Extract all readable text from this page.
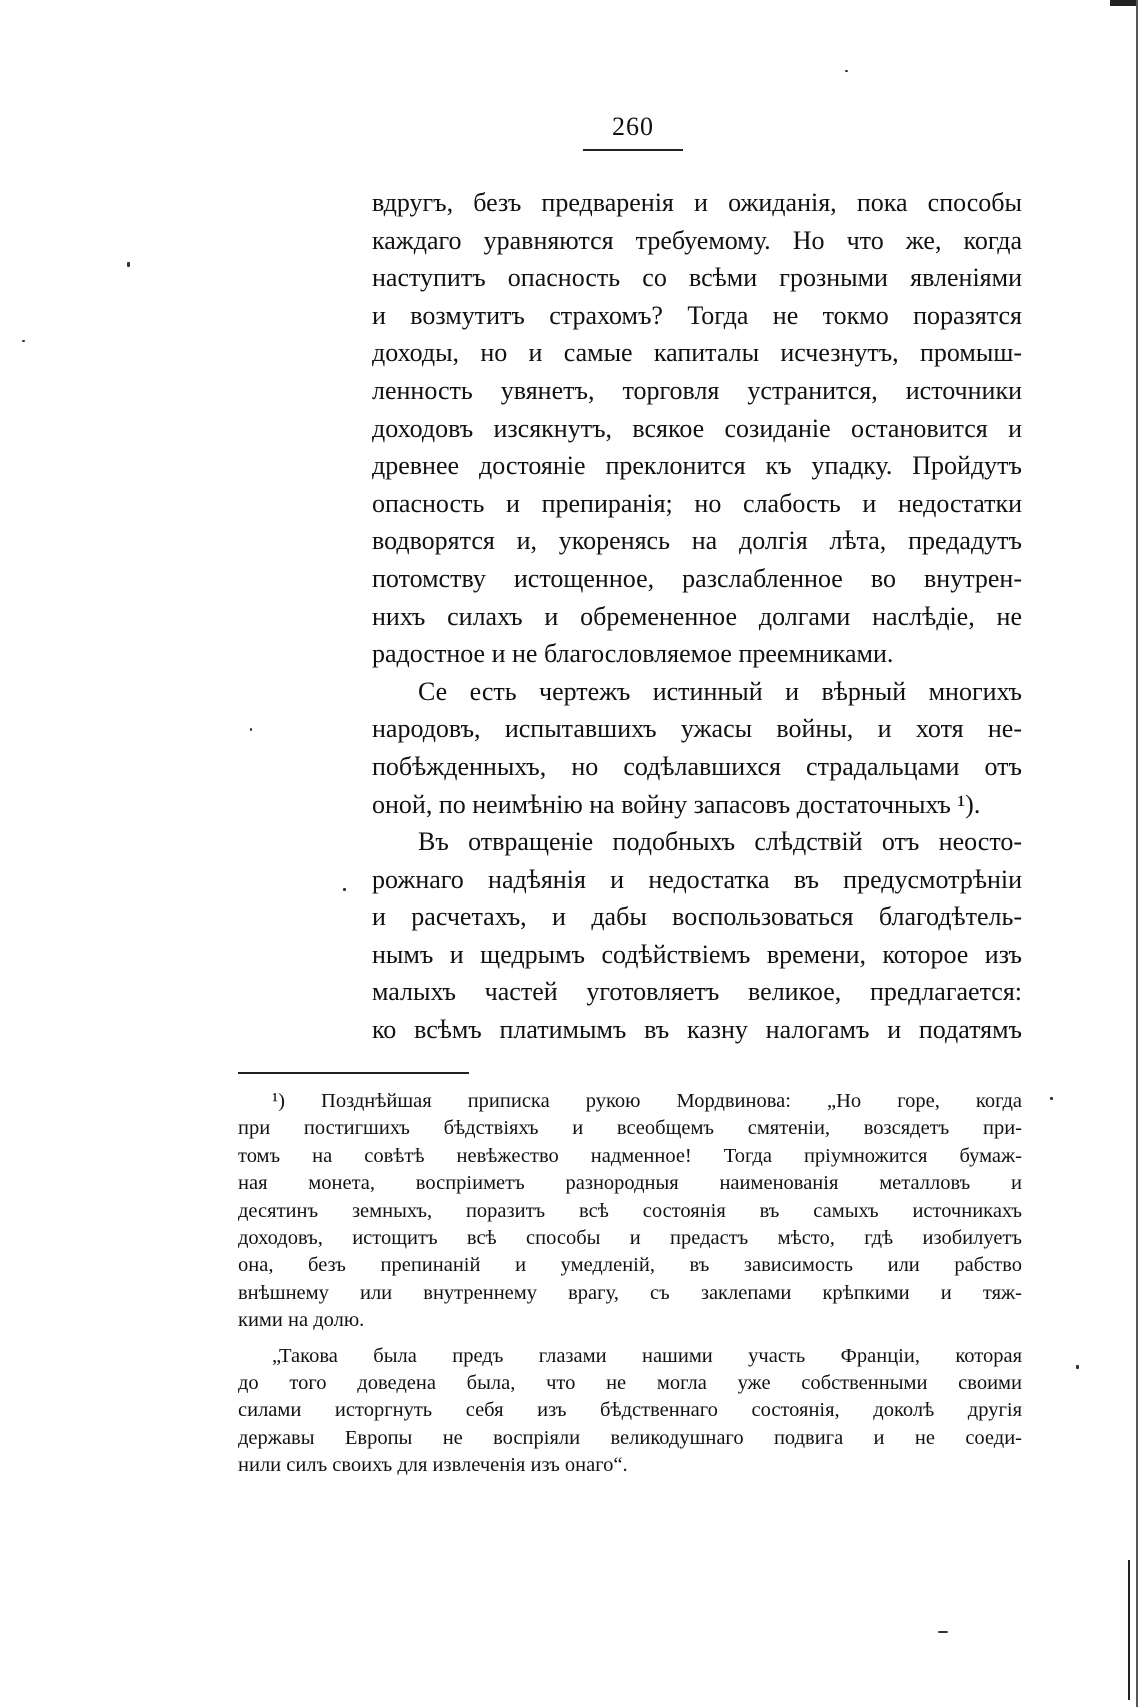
260
вдругъ, безъ предваренія и ожиданія, пока способы
каждаго уравняются требуемому. Но что же, когда
наступитъ опасность со всѣми грозными явленіями
и возмутитъ страхомъ? Тогда не токмо поразятся
доходы, но и самые капиталы исчезнутъ, промыш-
ленность увянетъ, торговля устранится, источники
доходовъ изсякнутъ, всякое созиданіе остановится и
древнее достояніе преклонится къ упадку. Пройдутъ
опасность и препиранія; но слабость и недостатки
водворятся и, укоренясь на долгія лѣта, предадутъ
потомству истощенное, разслабленное во внутрен-
нихъ силахъ и обремененное долгами наслѣдіе, не
радостное и не благословляемое преемниками.
Се есть чертежъ истинный и вѣрный многихъ
народовъ, испытавшихъ ужасы войны, и хотя не-
побѣжденныхъ, но содѣлавшихся страдальцами отъ
оной, по неимѣнію на войну запасовъ достаточныхъ ¹).
Въ отвращеніе подобныхъ слѣдствій отъ неосто-
рожнаго надѣянія и недостатка въ предусмотрѣніи
и расчетахъ, и дабы воспользоваться благодѣтель-
нымъ и щедрымъ содѣйствіемъ времени, которое изъ
малыхъ частей уготовляетъ великое, предлагается:
ко всѣмъ платимымъ въ казну налогамъ и податямъ
¹) Позднѣйшая приписка рукою Мордвинова: „Но горе, когда
при постигшихъ бѣдствіяхъ и всеобщемъ смятеніи, возсядетъ при-
томъ на совѣтѣ невѣжество надменное! Тогда пріумножится бумаж-
ная монета, воспріиметъ разнородныя наименованія металловъ и
десятинъ земныхъ, поразитъ всѣ состоянія въ самыхъ источникахъ
доходовъ, истощитъ всѣ способы и предастъ мѣсто, гдѣ изобилуетъ
она, безъ препинаній и умедленій, въ зависимость или рабство
внѣшнему или внутреннему врагу, съ заклепами крѣпкими и тяж-
кими на долю.
„Такова была предъ глазами нашими участь Франціи, которая
до того доведена была, что не могла уже собственными своими
силами исторгнуть себя изъ бѣдственнаго состоянія, доколѣ другія
державы Европы не воспріяли великодушнаго подвига и не соеди-
нили силъ своихъ для извлеченія изъ онаго“.
